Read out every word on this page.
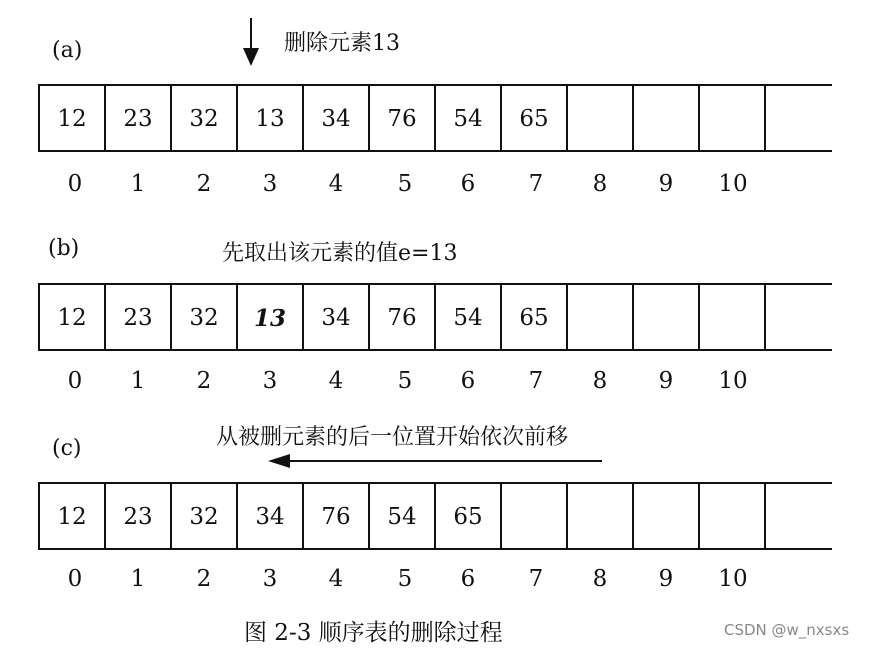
(a)	删除元素13
12	23	32	13	34	76	54	65
0	1	2	3	4	5	6	7	8	9	10
(b)	先取出该元素的值e=13
12	23	32	13	34	76	54	65
0	1	2	3	4	5	6	7	8	9	10
从被删元素的后一位置开始依次前移
(c)
12	23	32	34	76	54	65
0	1	2	3	4	5	6	7	8	9	10
图 2-3 顺序表的删除过程	CSDN @w_nxsxs
